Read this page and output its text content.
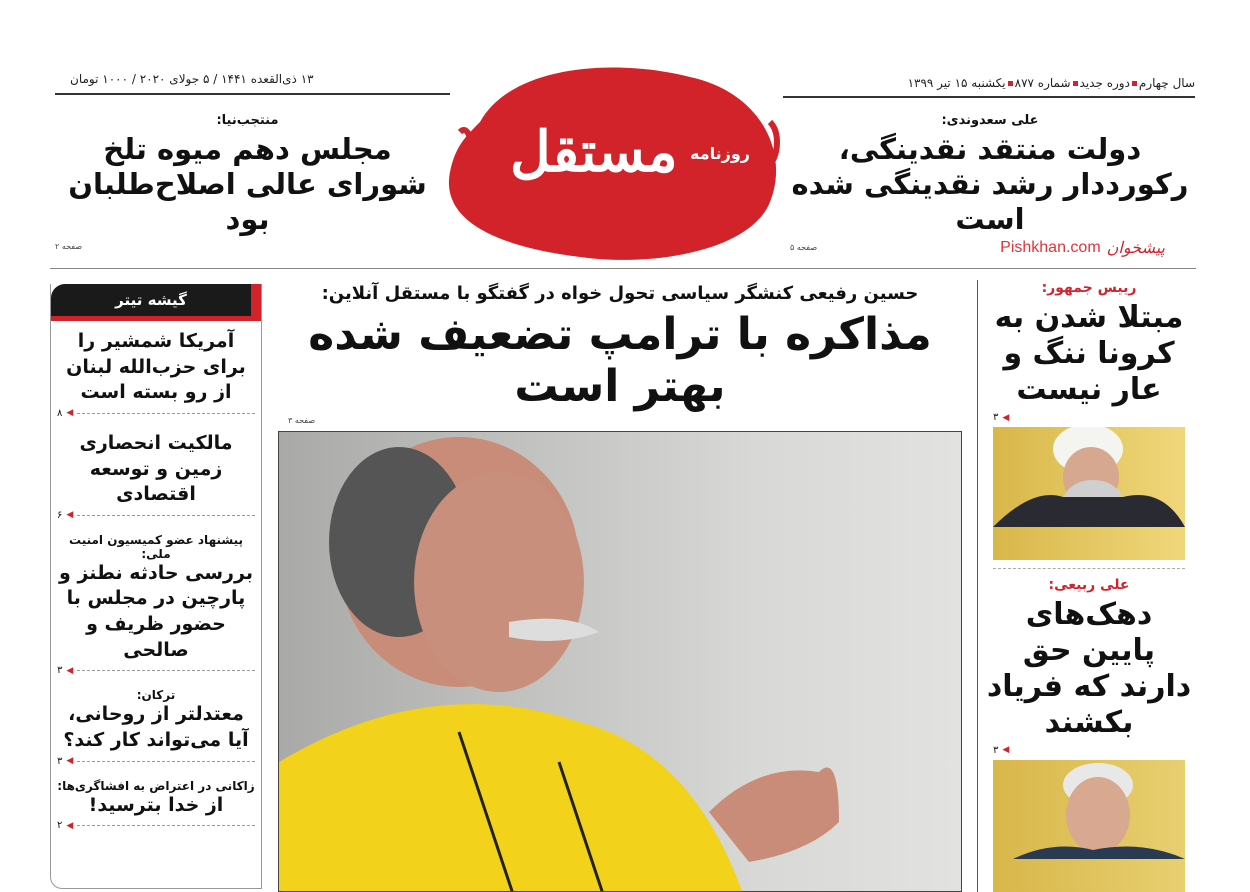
سال چهارمدوره جدیدشماره ۸۷۷یکشنبه ۱۵ تیر ۱۳۹۹
۱۳ ذی‌القعده ۱۴۴۱ / ۵ جولای ۲۰۲۰ / ۱۰۰۰ تومان
روزنامه
مستقل	علی سعدوندی:
دولت منتقد نقدینگی، رکورددار رشد نقدینگی شده است
صفحه ۵	Pishkhan.com پیشخوان
منتجب‌نیا:
مجلس دهم میوه تلخ شورای عالی اصلاح‌طلبان بود
صفحه ۲
گیشه تیتر
آمریکا شمشیر را برای حزب‌الله لبنان از رو بسته است
۸ ◀
مالکیت انحصاری زمین و توسعه اقتصادی
۶ ◀
پیشنهاد عضو کمیسیون امنیت ملی:
بررسی حادثه نطنز و پارچین در مجلس با حضور ظریف و صالحی
۳ ◀
ترکان:
معتدلتر از روحانی، آیا می‌تواند کار کند؟
۳ ◀
زاکانی در اعتراض به افشاگری‌ها:
از خدا بترسید!
۲ ◀
حسین رفیعی کنشگر سیاسی تحول خواه در گفتگو با مستقل آنلاین:
مذاکره با ترامپ تضعیف شده بهتر است
صفحه ۳
رییس جمهور:
مبتلا شدن به کرونا ننگ و عار نیست
۳ ◀
علی ربیعی:
دهک‌های پایین حق دارند که فریاد بکشند
۳ ◀
